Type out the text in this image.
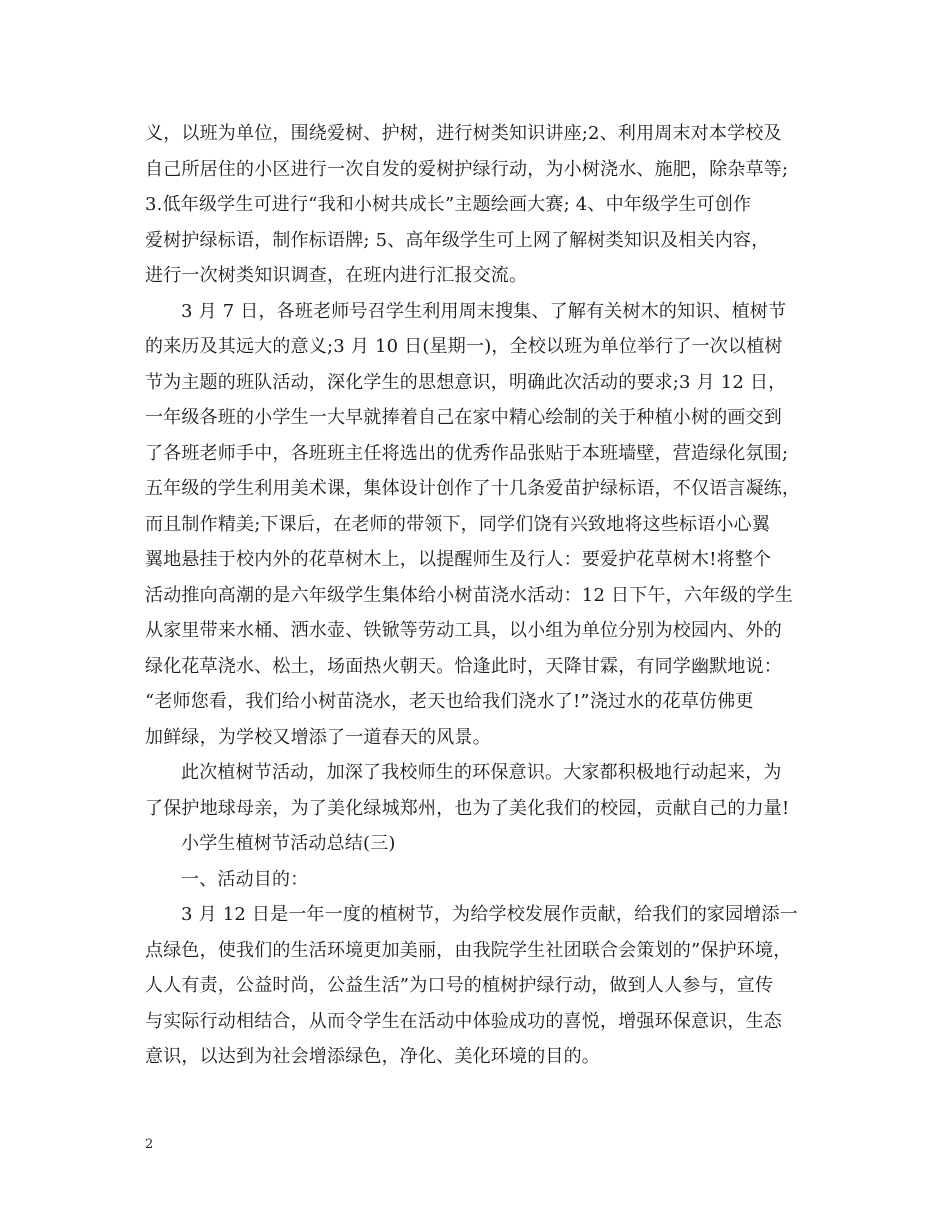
义，以班为单位，围绕爱树、护树，进行树类知识讲座;2、利用周末对本学校及
自己所居住的小区进行一次自发的爱树护绿行动，为小树浇水、施肥，除杂草等;
3.低年级学生可进行“我和小树共成长”主题绘画大赛; 4、中年级学生可创作
爱树护绿标语，制作标语牌; 5、高年级学生可上网了解树类知识及相关内容，
进行一次树类知识调查，在班内进行汇报交流。
3 月 7 日，各班老师号召学生利用周末搜集、了解有关树木的知识、植树节
的来历及其远大的意义;3 月 10 日(星期一)，全校以班为单位举行了一次以植树
节为主题的班队活动，深化学生的思想意识，明确此次活动的要求;3 月 12 日，
一年级各班的小学生一大早就捧着自己在家中精心绘制的关于种植小树的画交到
了各班老师手中，各班班主任将选出的优秀作品张贴于本班墙壁，营造绿化氛围;
五年级的学生利用美术课，集体设计创作了十几条爱苗护绿标语，不仅语言凝练，
而且制作精美;下课后，在老师的带领下，同学们饶有兴致地将这些标语小心翼
翼地悬挂于校内外的花草树木上，以提醒师生及行人：要爱护花草树木!将整个
活动推向高潮的是六年级学生集体给小树苗浇水活动：12 日下午，六年级的学生
从家里带来水桶、洒水壶、铁锨等劳动工具，以小组为单位分别为校园内、外的
绿化花草浇水、松土，场面热火朝天。恰逢此时，天降甘霖，有同学幽默地说：
“老师您看，我们给小树苗浇水，老天也给我们浇水了!”浇过水的花草仿佛更
加鲜绿，为学校又增添了一道春天的风景。
此次植树节活动，加深了我校师生的环保意识。大家都积极地行动起来，为
了保护地球母亲，为了美化绿城郑州，也为了美化我们的校园，贡献自己的力量!
小学生植树节活动总结(三)
一、活动目的：
3 月 12 日是一年一度的植树节，为给学校发展作贡献，给我们的家园增添一
点绿色，使我们的生活环境更加美丽，由我院学生社团联合会策划的”保护环境，
人人有责，公益时尚，公益生活”为口号的植树护绿行动，做到人人参与，宣传
与实际行动相结合，从而令学生在活动中体验成功的喜悦，增强环保意识，生态
意识，以达到为社会增添绿色，净化、美化环境的目的。
2
